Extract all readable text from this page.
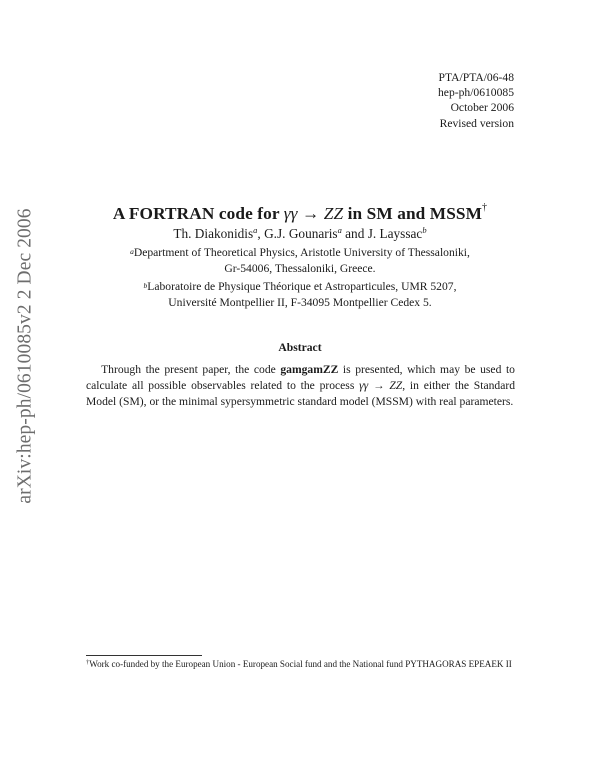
arXiv:hep-ph/0610085v2 2 Dec 2006
PTA/PTA/06-48
hep-ph/0610085
October 2006
Revised version
A FORTRAN code for γγ → ZZ in SM and MSSM†
Th. Diakonidis$^a$, G.J. Gounaris$^a$ and J. Layssac$^b$
$^a$Department of Theoretical Physics, Aristotle University of Thessaloniki,
Gr-54006, Thessaloniki, Greece.
$^b$Laboratoire de Physique Théorique et Astroparticules, UMR 5207,
Université Montpellier II, F-34095 Montpellier Cedex 5.
Abstract
Through the present paper, the code gamgamZZ is presented, which may be used to calculate all possible observables related to the process γγ → ZZ, in either the Standard Model (SM), or the minimal sypersymmetric standard model (MSSM) with real parameters.
†Work co-funded by the European Union - European Social fund and the National fund PYTHAGORAS EPEAEK II
